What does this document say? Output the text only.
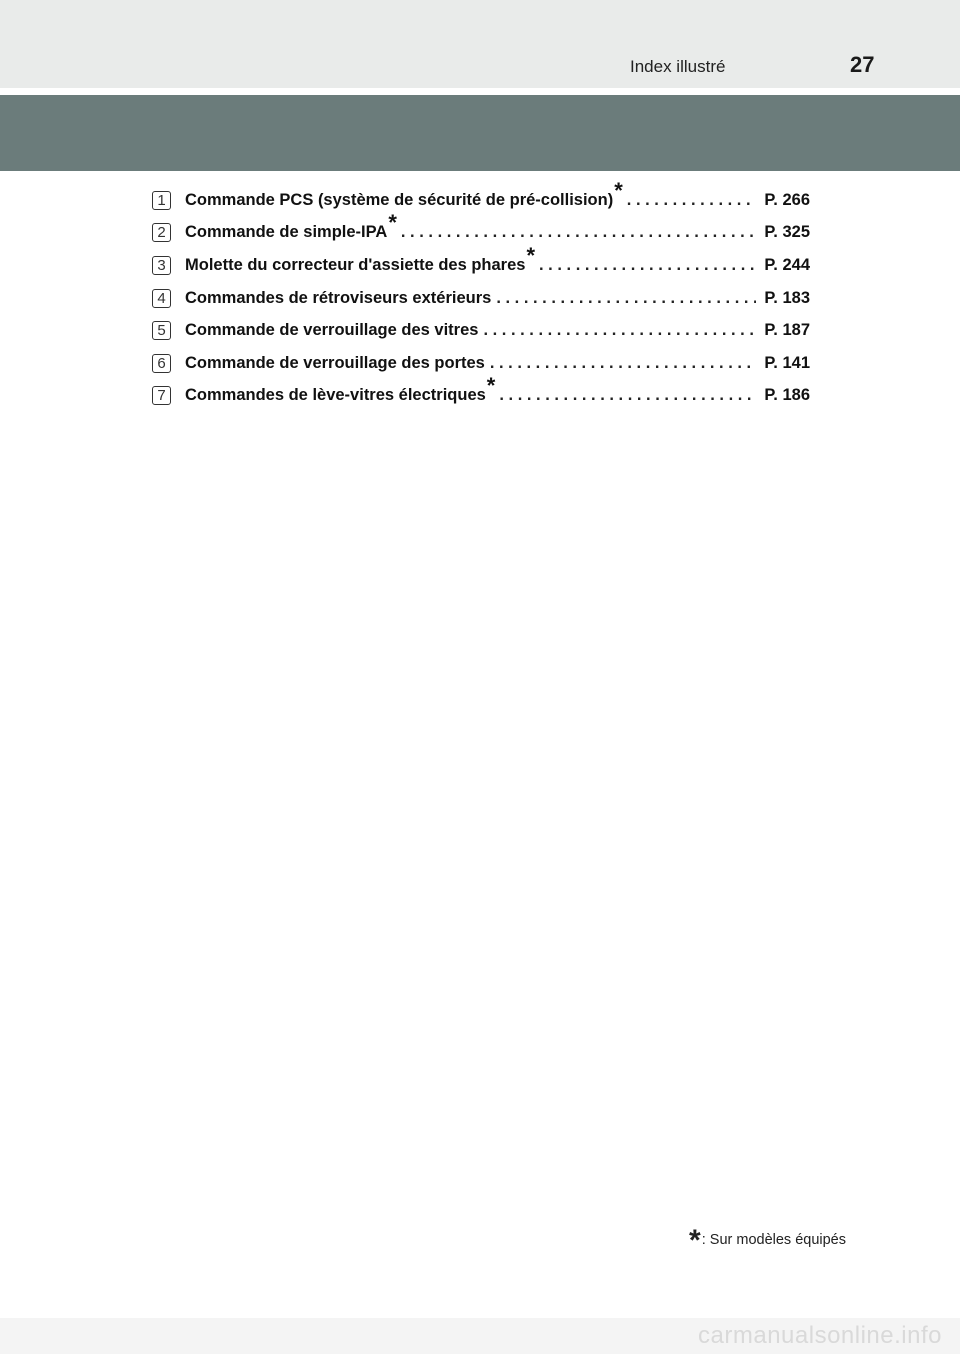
Index illustré	27
1	Commande PCS (système de sécurité de pré-collision)* . . .	P. 266
2	Commande de simple-IPA* . . .	P. 325
3	Molette du correcteur d'assiette des phares* . . .	P. 244
4	Commandes de rétroviseurs extérieurs . . .	P. 183
5	Commande de verrouillage des vitres . . .	P. 187
6	Commande de verrouillage des portes . . .	P. 141
7	Commandes de lève-vitres électriques* . . .	P. 186
*: Sur modèles équipés
carmanualsonline.info
